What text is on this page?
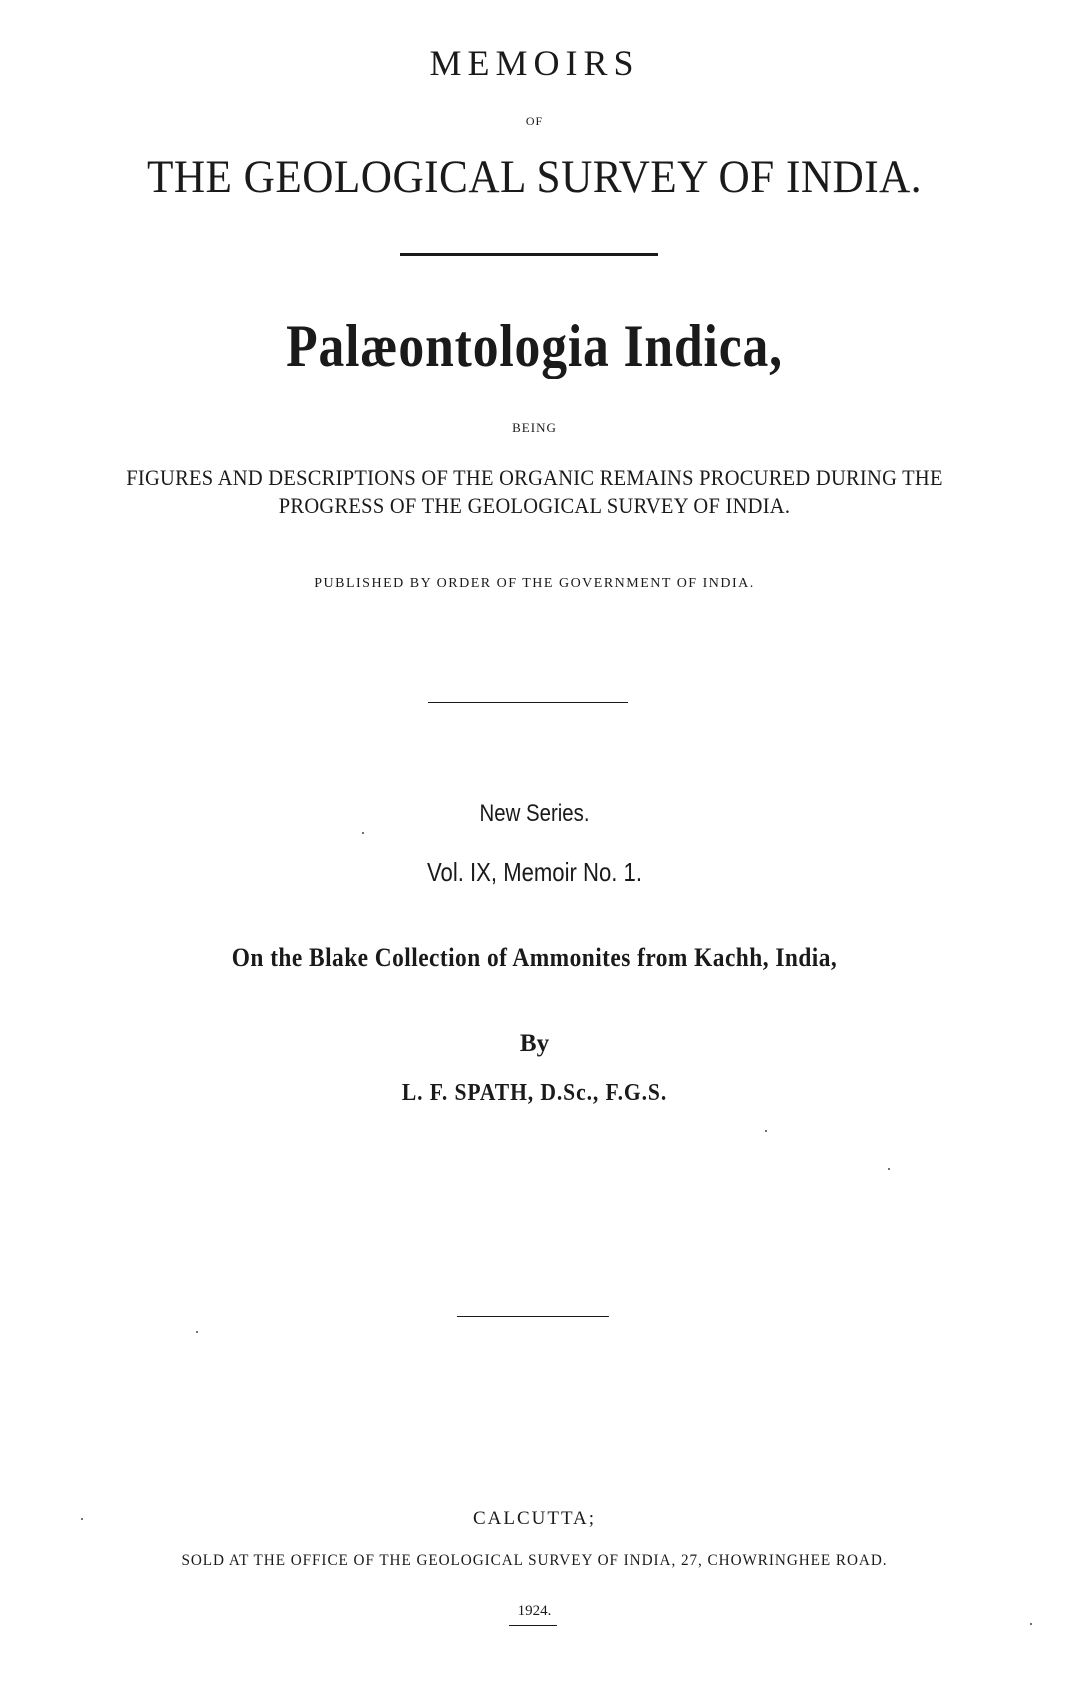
MEMOIRS
OF
THE GEOLOGICAL SURVEY OF INDIA.
Palæontologia Indica,
BEING
FIGURES AND DESCRIPTIONS OF THE ORGANIC REMAINS PROCURED DURING THE
PROGRESS OF THE GEOLOGICAL SURVEY OF INDIA.
PUBLISHED BY ORDER OF THE GOVERNMENT OF INDIA.
New Series.
Vol. IX, Memoir No. 1.
On the Blake Collection of Ammonites from Kachh, India,
By
L. F. SPATH, D.Sc., F.G.S.
CALCUTTA;
SOLD AT THE OFFICE OF THE GEOLOGICAL SURVEY OF INDIA, 27, CHOWRINGHEE ROAD.
1924.
